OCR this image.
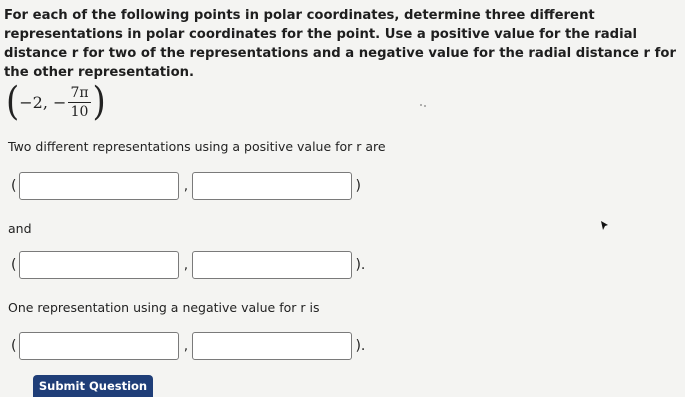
For each of the following points in polar coordinates, determine three different representations in polar coordinates for the point. Use a positive value for the radial distance r for two of the representations and a negative value for the radial distance r for the other representation.
( −2 , − $\frac{7\pi}{10}$ )
Two different representations using a positive value for r are
(	,	)
and
(	,	).
One representation using a negative value for r is
(	,	).
Submit Question
